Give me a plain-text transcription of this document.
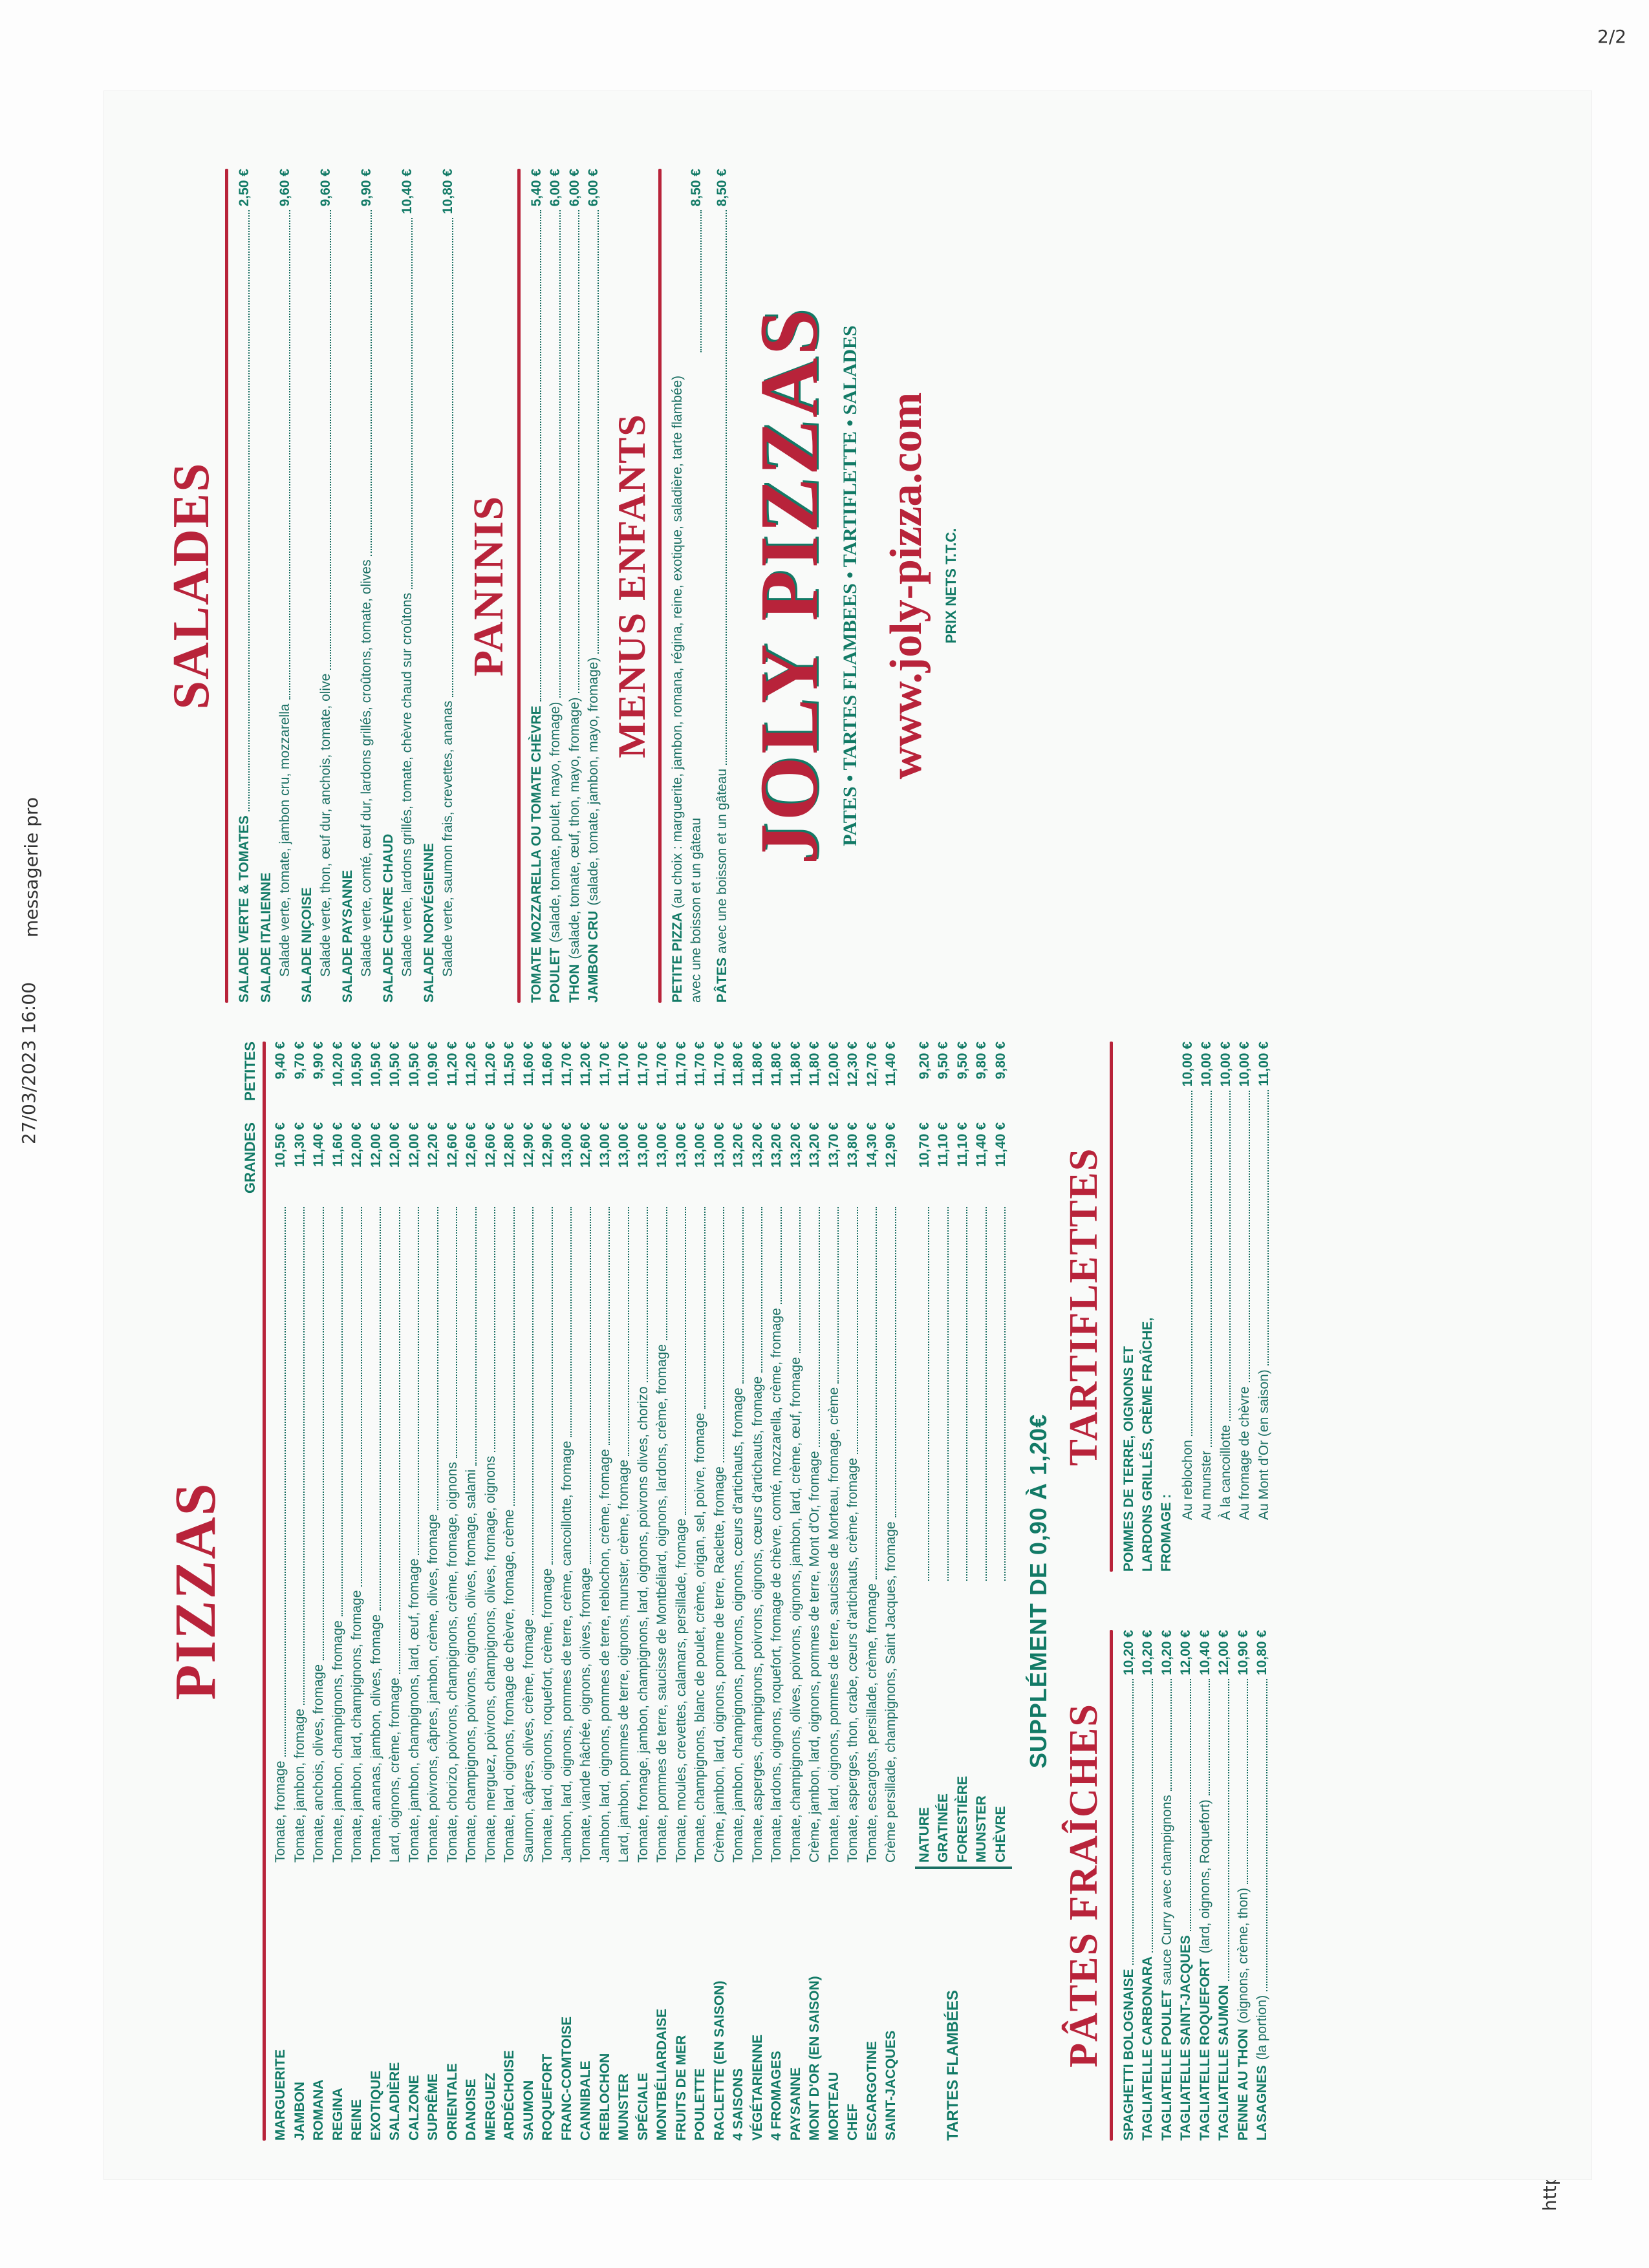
27/03/2023 16:00
messagerie pro
2/2
PIZZAS
GRANDES
PETITES
MARGUERITE
Tomate, fromage
10,50 €
9,40 €
JAMBON
Tomate, jambon, fromage
11,30 €
9,70 €
ROMANA
Tomate, anchois, olives, fromage
11,40 €
9,90 €
REGINA
Tomate, jambon, champignons, fromage
11,60 €
10,20 €
REINE
Tomate, jambon, lard, champignons, fromage
12,00 €
10,50 €
EXOTIQUE
Tomate, ananas, jambon, olives, fromage
12,00 €
10,50 €
SALADIÈRE
Lard, oignons, crème, fromage
12,00 €
10,50 €
CALZONE
Tomate, jambon, champignons, lard, œuf, fromage
12,00 €
10,50 €
SUPRÊME
Tomate, poivrons, câpres, jambon, crème, olives, fromage
12,20 €
10,90 €
ORIENTALE
Tomate, chorizo, poivrons, champignons, crème, fromage, oignons
12,60 €
11,20 €
DANOISE
Tomate, champignons, poivrons, oignons, olives, fromage, salami
12,60 €
11,20 €
MERGUEZ
Tomate, merguez, poivrons, champignons, olives, fromage, oignons
12,60 €
11,20 €
ARDÉCHOISE
Tomate, lard, oignons, fromage de chèvre, fromage, crème
12,80 €
11,50 €
SAUMON
Saumon, câpres, olives, crème, fromage
12,90 €
11,60 €
ROQUEFORT
Tomate, lard, oignons, roquefort, crème, fromage
12,90 €
11,60 €
FRANC-COMTOISE
Jambon, lard, oignons, pommes de terre, crème, cancoillotte, fromage
13,00 €
11,70 €
CANNIBALE
Tomate, viande hâchée, oignons, olives, fromage
12,60 €
11,20 €
REBLOCHON
Jambon, lard, oignons, pommes de terre, reblochon, crème, fromage
13,00 €
11,70 €
MUNSTER
Lard, jambon, pommes de terre, oignons, munster, crème, fromage
13,00 €
11,70 €
SPÉCIALE
Tomate, fromage, jambon, champignons, lard, oignons, poivrons olives, chorizo
13,00 €
11,70 €
MONTBÉLIARDAISE
Tomate, pommes de terre, saucisse de Montbéliard, oignons, lardons, crème, fromage
13,00 €
11,70 €
FRUITS DE MER
Tomate, moules, crevettes, calamars, persillade, fromage
13,00 €
11,70 €
POULETTE
Tomate, champignons, blanc de poulet, crème, origan, sel, poivre, fromage
13,00 €
11,70 €
RACLETTE (EN SAISON)
Crème, jambon, lard, oignons, pomme de terre, Raclette, fromage
13,00 €
11,70 €
4 SAISONS
Tomate, jambon, champignons, poivrons, oignons, cœurs d'artichauts, fromage
13,20 €
11,80 €
VÉGÉTARIENNE
Tomate, asperges, champignons, poivrons, oignons, cœurs d'artichauts, fromage
13,20 €
11,80 €
4 FROMAGES
Tomate, lardons, oignons, roquefort, fromage de chèvre, comté, mozzarella, crème, fromage
13,20 €
11,80 €
PAYSANNE
Tomate, champignons, olives, poivrons, oignons, jambon, lard, crème, œuf, fromage
13,20 €
11,80 €
MONT D'OR (EN SAISON)
Crème, jambon, lard, oignons, pommes de terre, Mont d'Or, fromage
13,20 €
11,80 €
MORTEAU
Tomate, lard, oignons, pommes de terre, saucisse de Morteau, fromage, crème
13,70 €
12,00 €
CHEF
Tomate, asperges, thon, crabe, cœurs d'artichauts, crème, fromage
13,80 €
12,30 €
ESCARGOTINE
Tomate, escargots, persillade, crème, fromage
14,30 €
12,70 €
SAINT-JACQUES
Crème persillade, champignons, Saint Jacques, fromage
12,90 €
11,40 €
TARTES FLAMBÉES
NATURE
10,70 €
9,20 €
GRATINÉE
11,10 €
9,50 €
FORESTIÈRE
11,10 €
9,50 €
MUNSTER
11,40 €
9,80 €
CHÈVRE
11,40 €
9,80 €
SUPPLÉMENT DE 0,90 À 1,20€
PÂTES FRAÎCHES SPAGHETTI BOLOGNAISE
10,20 €
TAGLIATELLE CARBONARA
10,20 €
TAGLIATELLE POULET
sauce Curry avec champignons
10,20 €
TAGLIATELLE SAINT-JACQUES
12,00 €
TAGLIATELLE ROQUEFORT
(lard, oignons, Roquefort)
10,40 €
TAGLIATELLE SAUMON
12,00 €
PENNE AU THON
(oignons, crème, thon)
10,90 €
LASAGNES
(la portion)
10,80 €
TARTIFLETTES POMMES DE TERRE, OIGNONS ET LARDONS GRILLÉS, CRÈME FRAÎCHE, FROMAGE :
Au reblochon
10,00 €
Au munster
10,00 €
À la cancoillotte
10,00 €
Au fromage de chèvre
10,00 €
Au Mont d'Or (en saison)
11,00 €
SALADES
SALADE VERTE & TOMATES
2,50 €
SALADE ITALIENNE Salade verte, tomate, jambon cru, mozzarella
9,60 €
SALADE NIÇOISE Salade verte, thon, œuf dur, anchois, tomate, olive
9,60 €
SALADE PAYSANNE Salade verte, comté, œuf dur, lardons grillés, croûtons, tomate, olives
9,90 €
SALADE CHÈVRE CHAUD Salade verte, lardons grillés, tomate, chèvre chaud sur croûtons
10,40 €
SALADE NORVÉGIENNE Salade verte, saumon frais, crevettes, ananas
10,80 €
PANINIS
TOMATE MOZZARELLA OU TOMATE CHÈVRE
5,40 €
POULET
(salade, tomate, poulet, mayo, fromage)
6,00 €
THON
(salade, tomate, œuf, thon, mayo, fromage)
6,00 €
JAMBON CRU
(salade, tomate, jambon, mayo, fromage)
6,00 €
MENUS ENFANTS
PETITE PIZZA(au choix : marguerite, jambon, romana, régina, reine, exotique, saladière, tarte flambée) avec une boisson et un gâteau
8,50 €
PÂTESavec une boisson et un gâteau
8,50 €
JOLY PIZZAS PATES • TARTES FLAMBEES • TARTIFLETTE • SALADES www.joly-pizza.com PRIX NETS T.T.C.
